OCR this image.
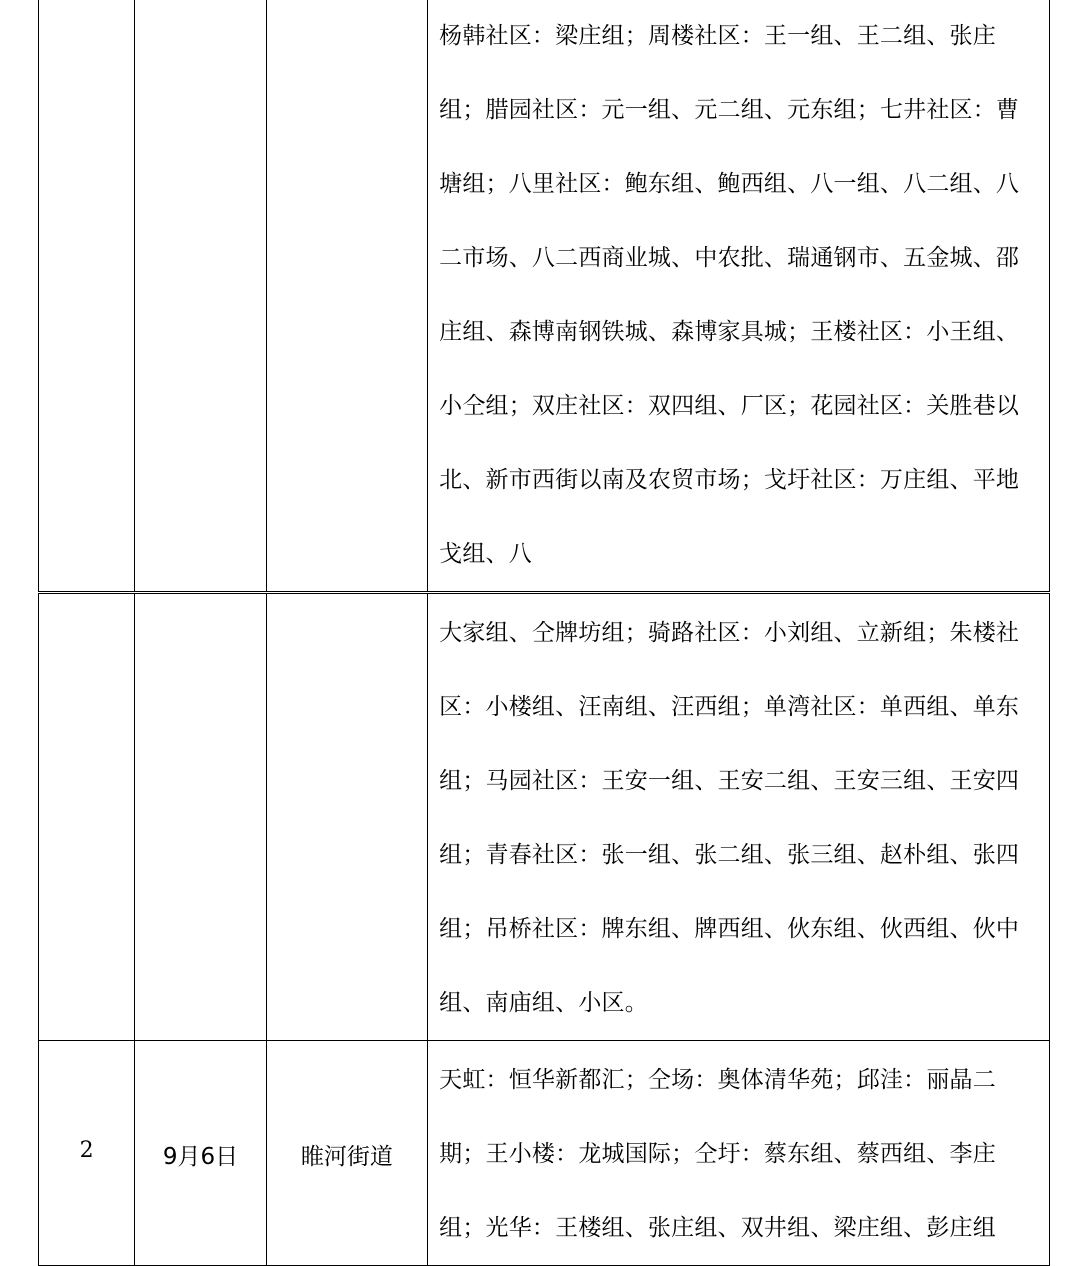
			杨韩社区：梁庄组；周楼社区：王一组、王二组、张庄组；腊园社区：元一组、元二组、元东组；七井社区：曹塘组；八里社区：鲍东组、鲍西组、八一组、八二组、八二市场、八二西商业城、中农批、瑞通钢市、五金城、邵庄组、森博南钢铁城、森博家具城；王楼社区：小王组、小仝组；双庄社区：双四组、厂区；花园社区：关胜巷以北、新市西街以南及农贸市场；戈圩社区：万庄组、平地戈组、八

			大家组、仝牌坊组；骑路社区：小刘组、立新组；朱楼社区：小楼组、汪南组、汪西组；单湾社区：单西组、单东组；马园社区：王安一组、王安二组、王安三组、王安四组；青春社区：张一组、张二组、张三组、赵朴组、张四组；吊桥社区：牌东组、牌西组、伙东组、伙西组、伙中组、南庙组、小区。

2	9月6日	睢河街道	天虹：恒华新都汇；仝场：奥体清华苑；邱洼：丽晶二期；王小楼：龙城国际；仝圩：蔡东组、蔡西组、李庄组；光华：王楼组、张庄组、双井组、梁庄组、彭庄组
